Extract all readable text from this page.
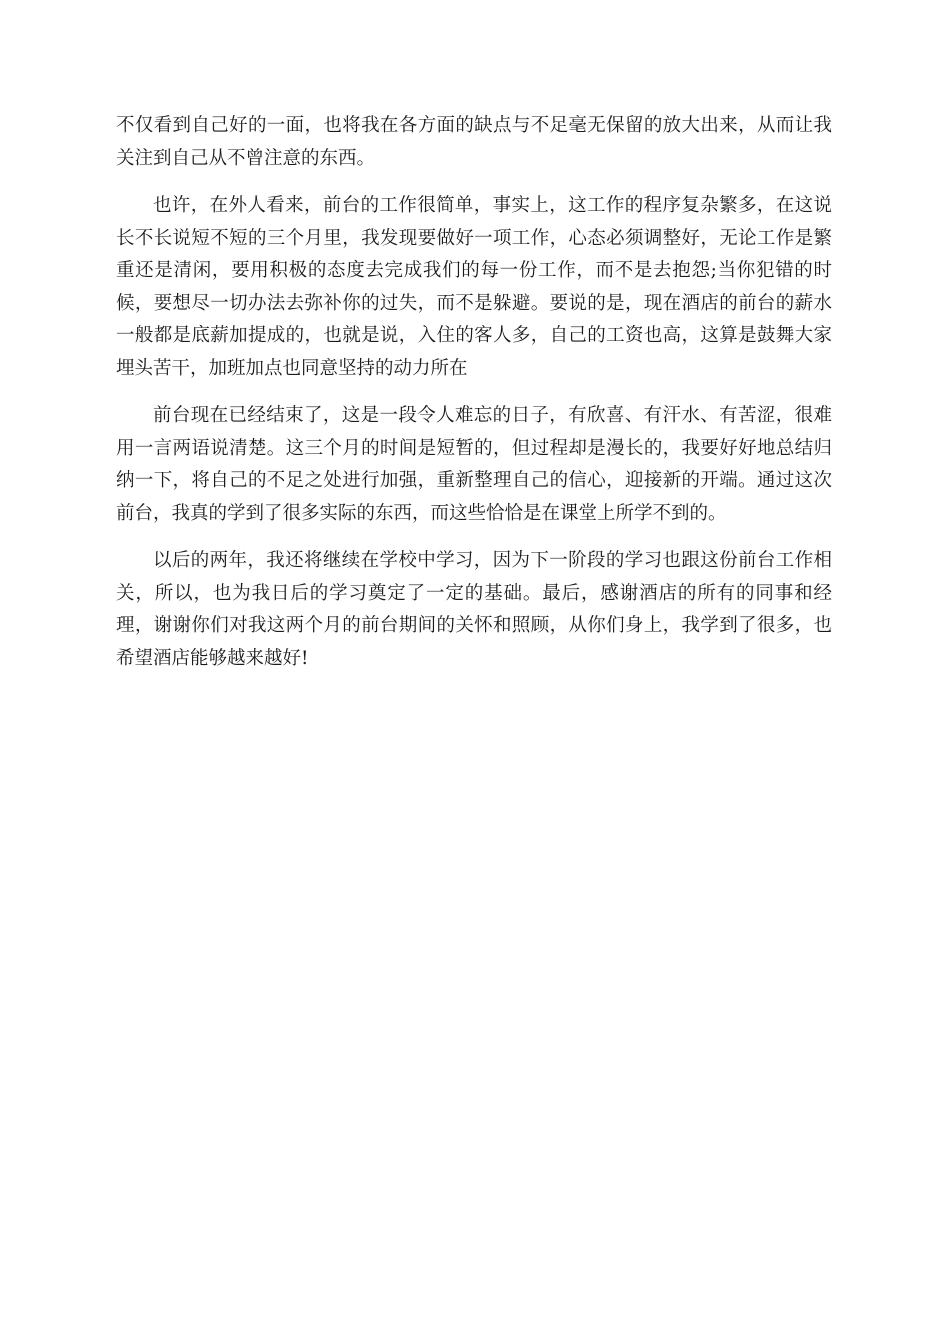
不仅看到自己好的一面，也将我在各方面的缺点与不足毫无保留的放大出来，从而让我关注到自己从不曾注意的东西。

也许，在外人看来，前台的工作很简单，事实上，这工作的程序复杂繁多，在这说长不长说短不短的三个月里，我发现要做好一项工作，心态必须调整好，无论工作是繁重还是清闲，要用积极的态度去完成我们的每一份工作，而不是去抱怨;当你犯错的时候，要想尽一切办法去弥补你的过失，而不是躲避。要说的是，现在酒店的前台的薪水一般都是底薪加提成的，也就是说，入住的客人多，自己的工资也高，这算是鼓舞大家埋头苦干，加班加点也同意坚持的动力所在

前台现在已经结束了，这是一段令人难忘的日子，有欣喜、有汗水、有苦涩，很难用一言两语说清楚。这三个月的时间是短暂的，但过程却是漫长的，我要好好地总结归纳一下，将自己的不足之处进行加强，重新整理自己的信心，迎接新的开端。通过这次前台，我真的学到了很多实际的东西，而这些恰恰是在课堂上所学不到的。

以后的两年，我还将继续在学校中学习，因为下一阶段的学习也跟这份前台工作相关，所以，也为我日后的学习奠定了一定的基础。最后，感谢酒店的所有的同事和经理，谢谢你们对我这两个月的前台期间的关怀和照顾，从你们身上，我学到了很多，也希望酒店能够越来越好!
